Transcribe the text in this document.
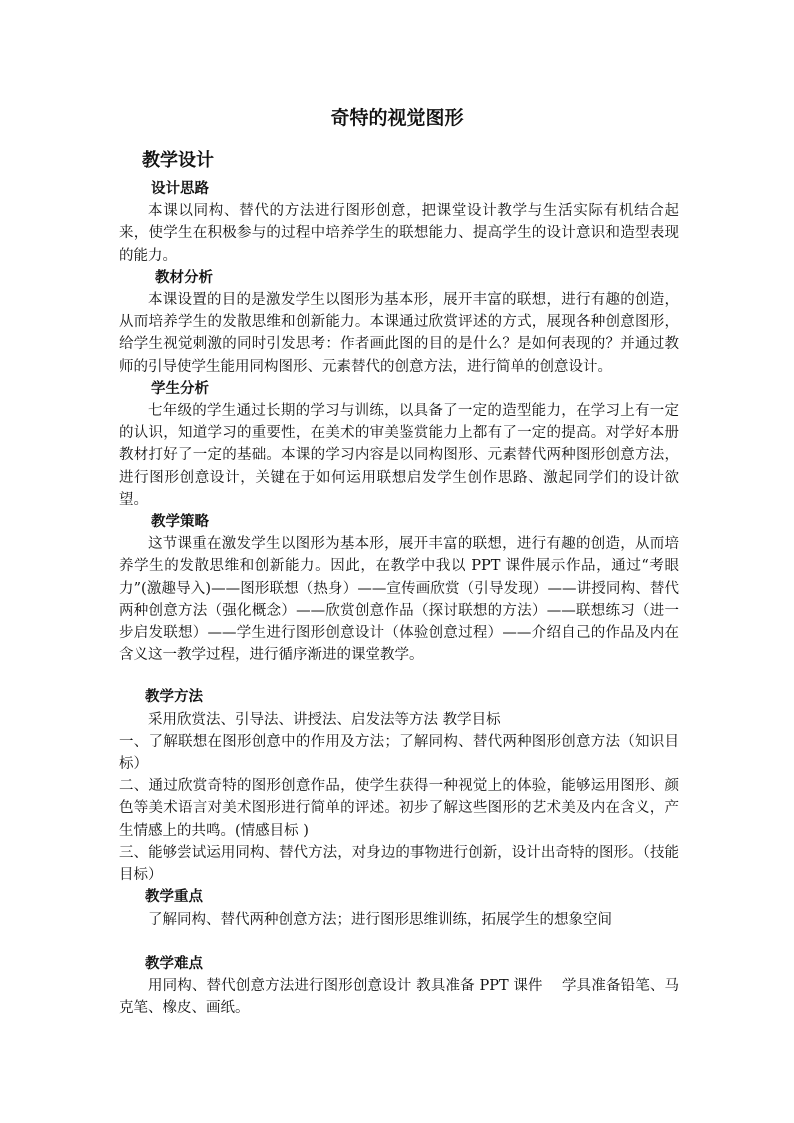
奇特的视觉图形
教学设计
设计思路
本课以同构、替代的方法进行图形创意，把课堂设计教学与生活实际有机结合起来，使学生在积极参与的过程中培养学生的联想能力、提高学生的设计意识和造型表现的能力。
教材分析
本课设置的目的是激发学生以图形为基本形，展开丰富的联想，进行有趣的创造，从而培养学生的发散思维和创新能力。本课通过欣赏评述的方式，展现各种创意图形，给学生视觉刺激的同时引发思考：作者画此图的目的是什么？是如何表现的？并通过教师的引导使学生能用同构图形、元素替代的创意方法，进行简单的创意设计。
学生分析
七年级的学生通过长期的学习与训练，以具备了一定的造型能力，在学习上有一定的认识，知道学习的重要性，在美术的审美鉴赏能力上都有了一定的提高。对学好本册教材打好了一定的基础。本课的学习内容是以同构图形、元素替代两种图形创意方法，进行图形创意设计，关键在于如何运用联想启发学生创作思路、激起同学们的设计欲望。
教学策略
这节课重在激发学生以图形为基本形，展开丰富的联想，进行有趣的创造，从而培养学生的发散思维和创新能力。因此，在教学中我以 PPT 课件展示作品，通过“考眼力”(激趣导入)——图形联想（热身）——宣传画欣赏（引导发现）——讲授同构、替代两种创意方法（强化概念）——欣赏创意作品（探讨联想的方法）——联想练习（进一步启发联想）——学生进行图形创意设计（体验创意过程）——介绍自己的作品及内在含义这一教学过程，进行循序渐进的课堂教学。
教学方法
采用欣赏法、引导法、讲授法、启发法等方法 教学目标
一、了解联想在图形创意中的作用及方法；了解同构、替代两种图形创意方法（知识目标）
二、通过欣赏奇特的图形创意作品，使学生获得一种视觉上的体验，能够运用图形、颜色等美术语言对美术图形进行简单的评述。初步了解这些图形的艺术美及内在含义，产生情感上的共鸣。(情感目标 )
三、能够尝试运用同构、替代方法，对身边的事物进行创新，设计出奇特的图形。（技能目标）
教学重点
了解同构、替代两种创意方法；进行图形思维训练，拓展学生的想象空间
教学难点
用同构、替代创意方法进行图形创意设计 教具准备 PPT 课件　 学具准备铅笔、马克笔、橡皮、画纸。
